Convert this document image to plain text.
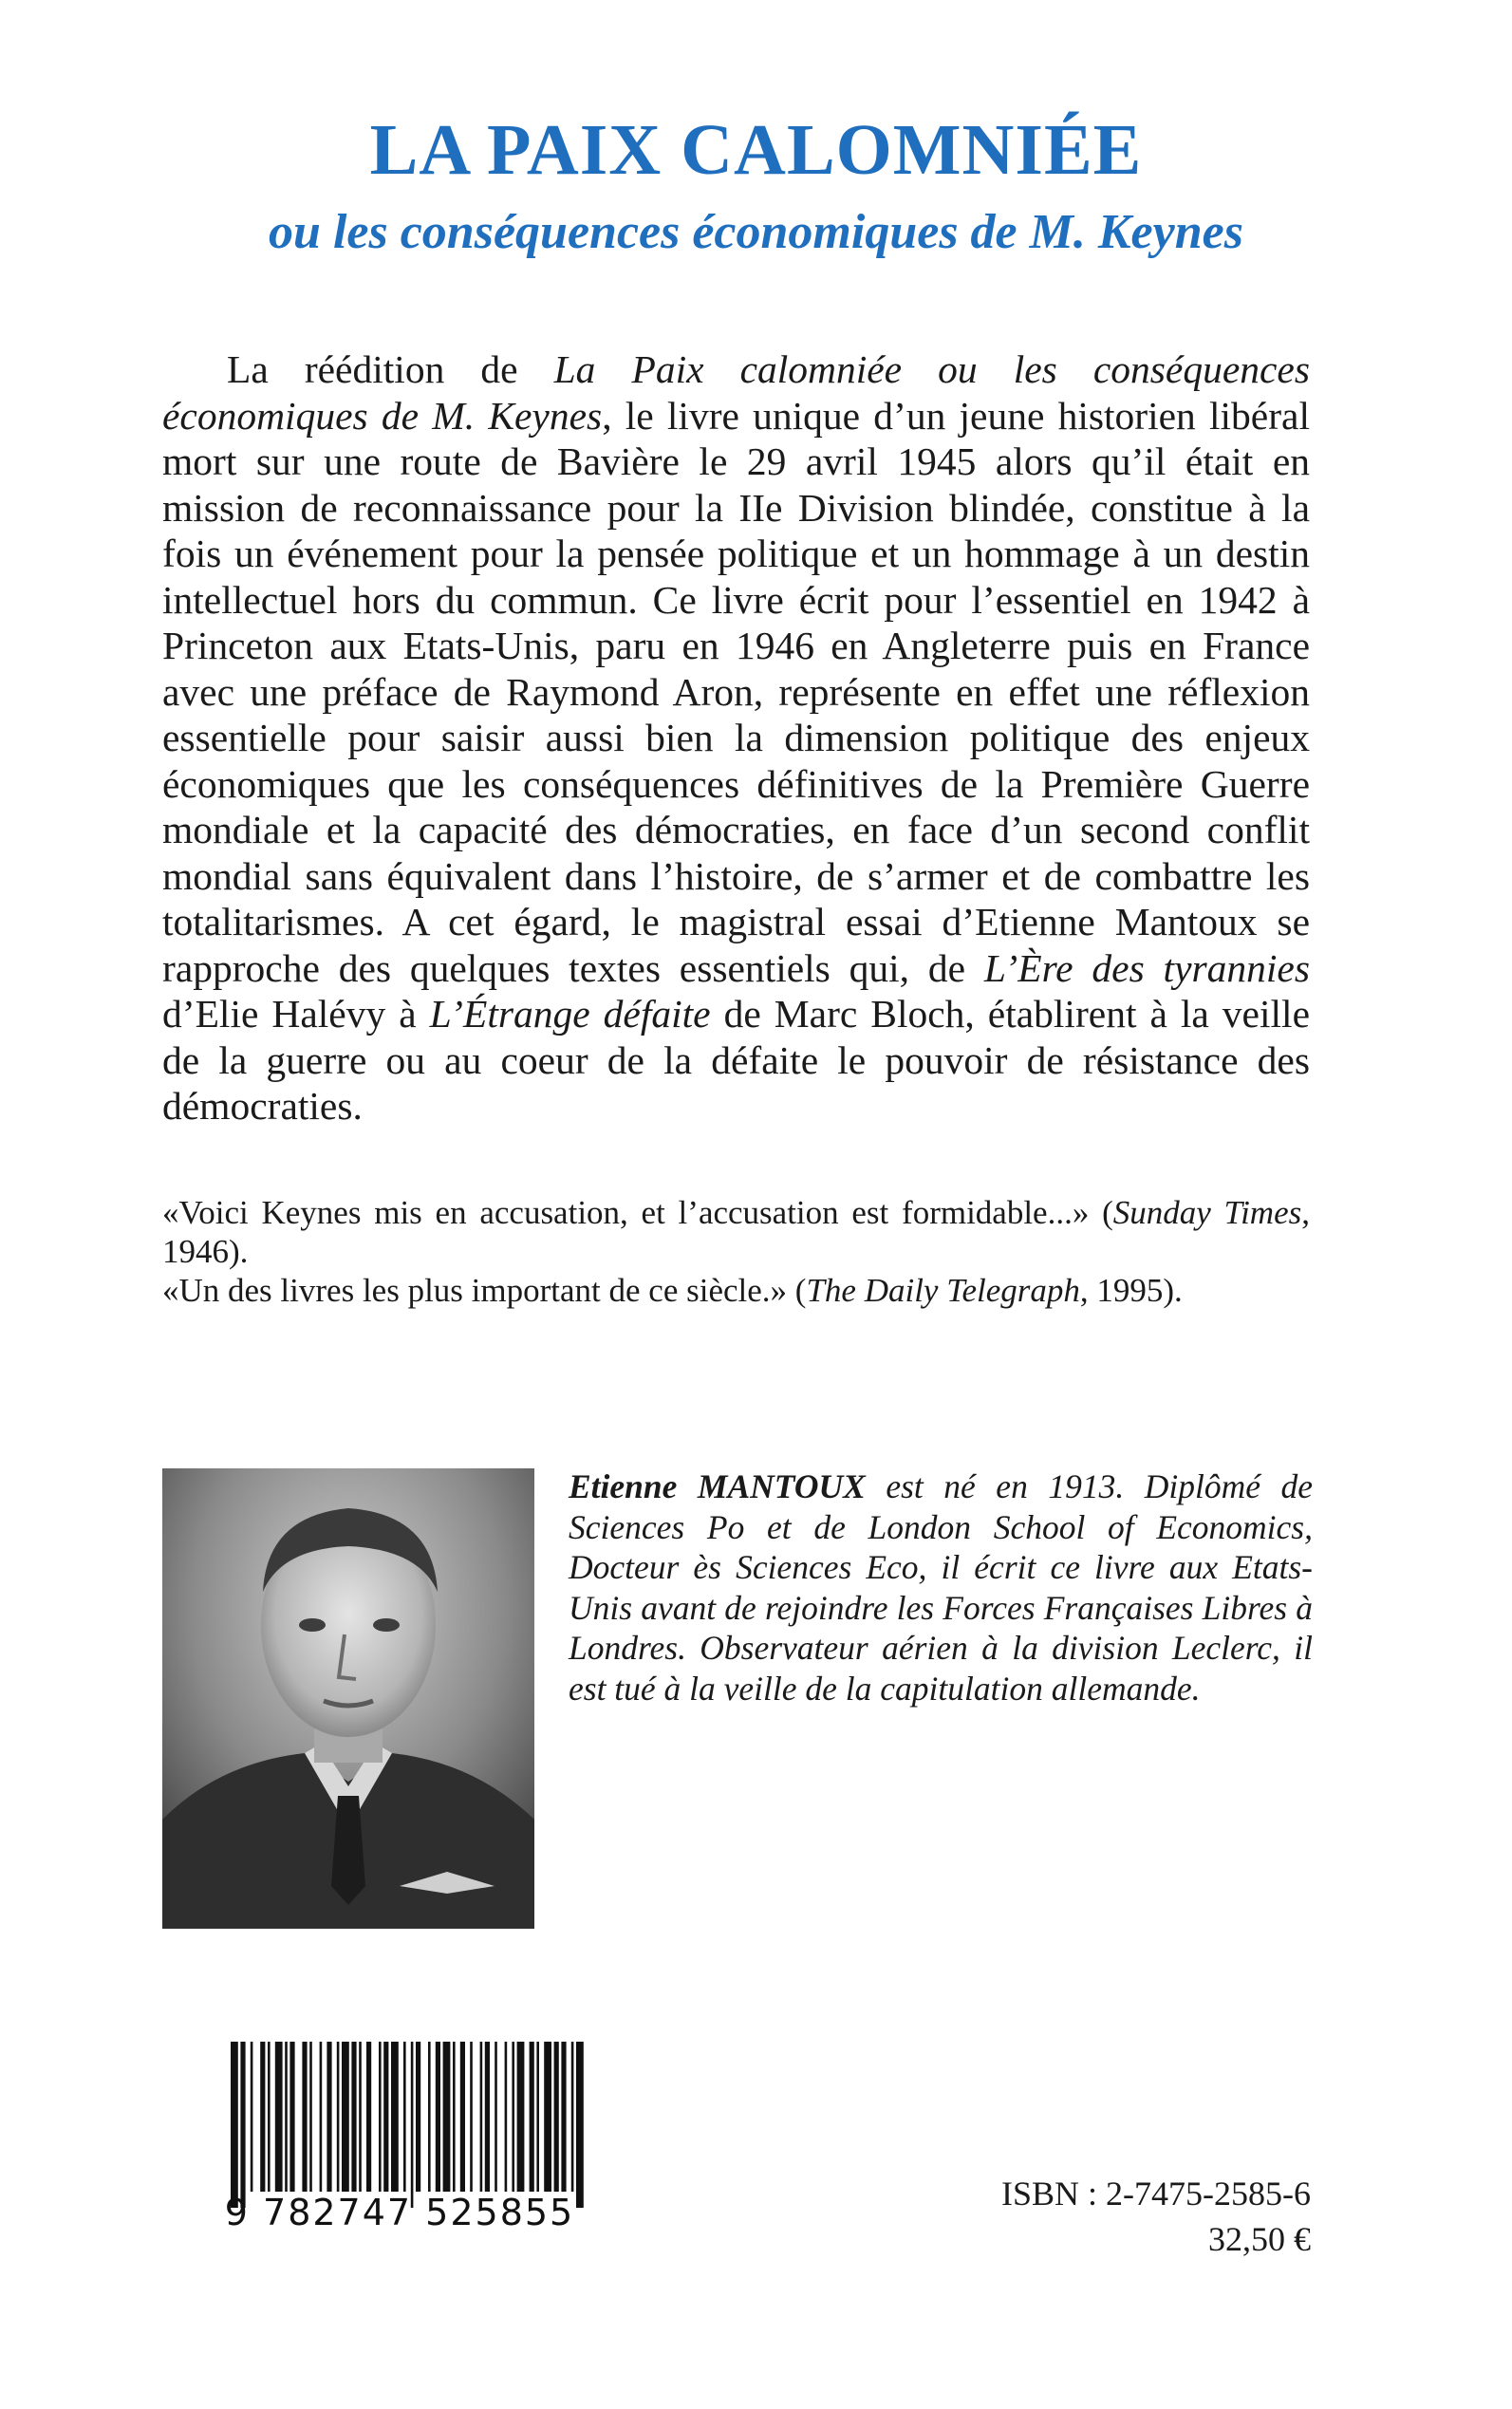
LA PAIX CALOMNIÉE
ou les conséquences économiques de M. Keynes

La réédition de La Paix calomniée ou les conséquences économiques de M. Keynes, le livre unique d’un jeune historien libéral mort sur une route de Bavière le 29 avril 1945 alors qu’il était en mission de reconnaissance pour la IIe Division blindée, constitue à la fois un événement pour la pensée politique et un hommage à un destin intellectuel hors du commun. Ce livre écrit pour l’essentiel en 1942 à Princeton aux Etats-Unis, paru en 1946 en Angleterre puis en France avec une préface de Raymond Aron, représente en effet une réflexion essentielle pour saisir aussi bien la dimension politique des enjeux économiques que les conséquences définitives de la Première Guerre mondiale et la capacité des démocraties, en face d’un second conflit mondial sans équivalent dans l’histoire, de s’armer et de combattre les totalitarismes. A cet égard, le magistral essai d’Etienne Mantoux se rapproche des quelques textes essentiels qui, de L’Ère des tyrannies d’Elie Halévy à L’Étrange défaite de Marc Bloch, établirent à la veille de la guerre ou au coeur de la défaite le pouvoir de résistance des démocraties.

«Voici Keynes mis en accusation, et l’accusation est formidable...» (Sunday Times, 1946).

«Un des livres les plus important de ce siècle.» (The Daily Telegraph, 1995).

Etienne MANTOUX est né en 1913. Diplômé de Sciences Po et de London School of Economics, Docteur ès Sciences Eco, il écrit ce livre aux Etats-Unis avant de rejoindre les Forces Françaises Libres à Londres. Observateur aérien à la division Leclerc, il est tué à la veille de la capitulation allemande.

9 782747 525855	ISBN : 2-7475-2585-6

32,50 €
